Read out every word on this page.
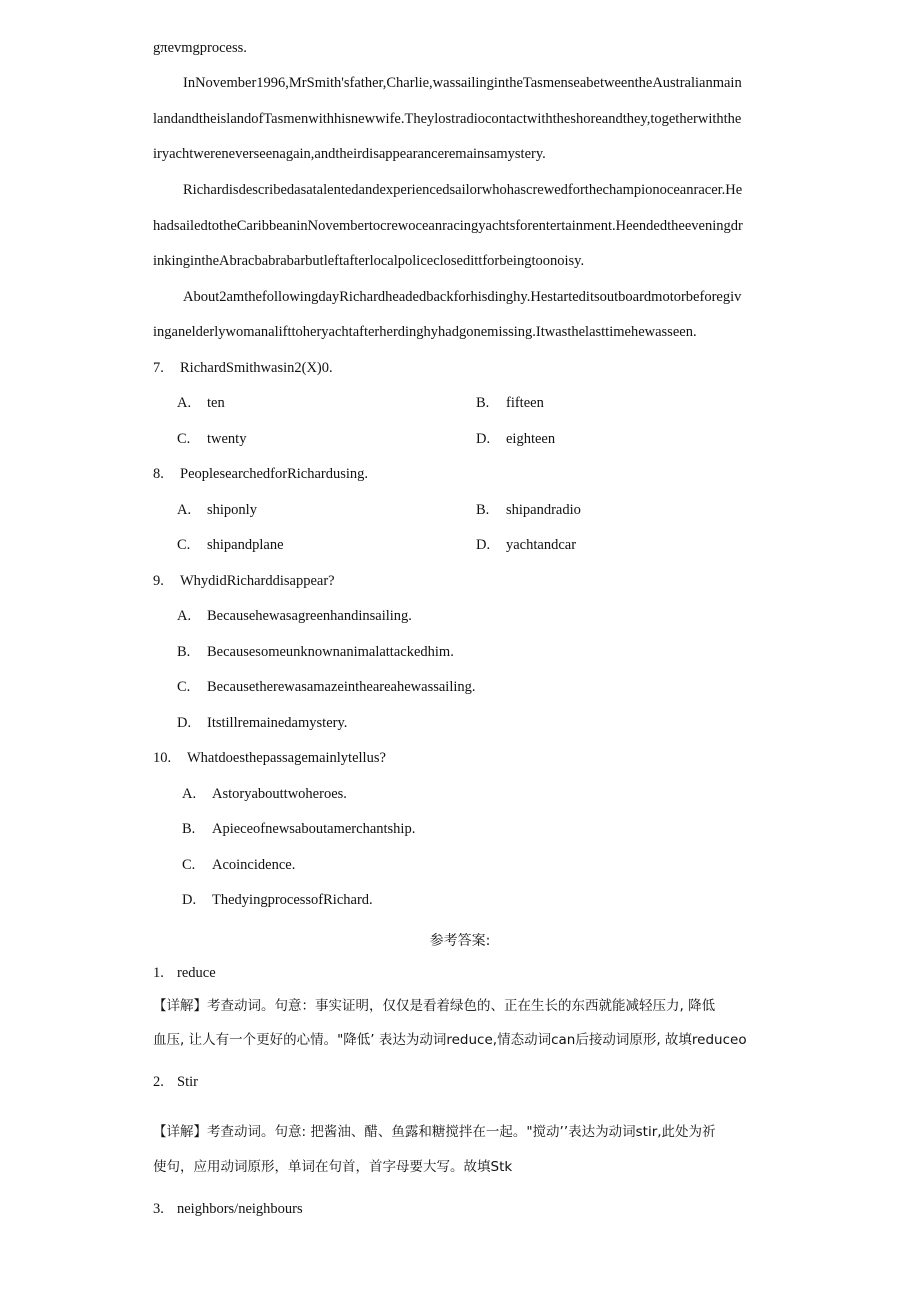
gπevmgprocess.
InNovember1996,MrSmith'sfather,Charlie,wassailingintheTasmenseabetweentheAustralianmain
landandtheislandofTasmenwithhisnewwife.Theylostradiocontactwiththeshoreandthey,togetherwiththe
iryachtwereneverseenagain,andtheirdisappearanceremainsamystery.
Richardisdescribedasatalentedandexperiencedsailorwhohascrewedforthechampionoceanracer.He
hadsailedtotheCaribbeaninNovembertocrewoceanracingyachtsforentertainment.Heendedtheeveningdr
inkingintheAbracbabrabarbutleftafterlocalpoliceclosedittforbeingtoonoisy.
About2amthefollowingdayRichardheadedbackforhisdinghy.Hestarteditsoutboardmotorbeforegiv
inganelderlywomanalifttoheryachtafterherdinghyhadgonemissing.Itwasthelasttimehewasseen.
7. RichardSmithwasin2(X)0.
A. ten	B. fifteen
C. twenty	D. eighteen
8. PeoplesearchedforRichardusing.
A. shiponly	B. shipandradio
C. shipandplane	D. yachtandcar
9. WhydidRicharddisappear?
A. Becausehewasagreenhandinsailing.
B. Becausesomeunknownanimalattackedhim.
C. Becausetherewasamazeintheareahewassailing.
D. Itstillremainedamystery.
10. Whatdoesthepassagemainlytellus?
A. Astoryabouttwoheroes.
B. Apieceofnewsaboutamerchantship.
C. Acoincidence.
D. ThedyingprocessofRichard.
参考答案:
1. reduce
【详解】考查动词。句意：事实证明，仅仅是看着绿色的、正在生长的东西就能减轻压力, 降低
血压, 让人有一个更好的心情。"降低’ 表达为动词reduce,情态动词can后接动词原形, 故填reduceo
2. Stir
【详解】考查动词。句意: 把酱油、醋、鱼露和糖搅拌在一起。"搅动’’表达为动词stir,此处为祈
使句，应用动词原形，单词在句首，首字母要大写。故填Stk
3. neighbors/neighbours
